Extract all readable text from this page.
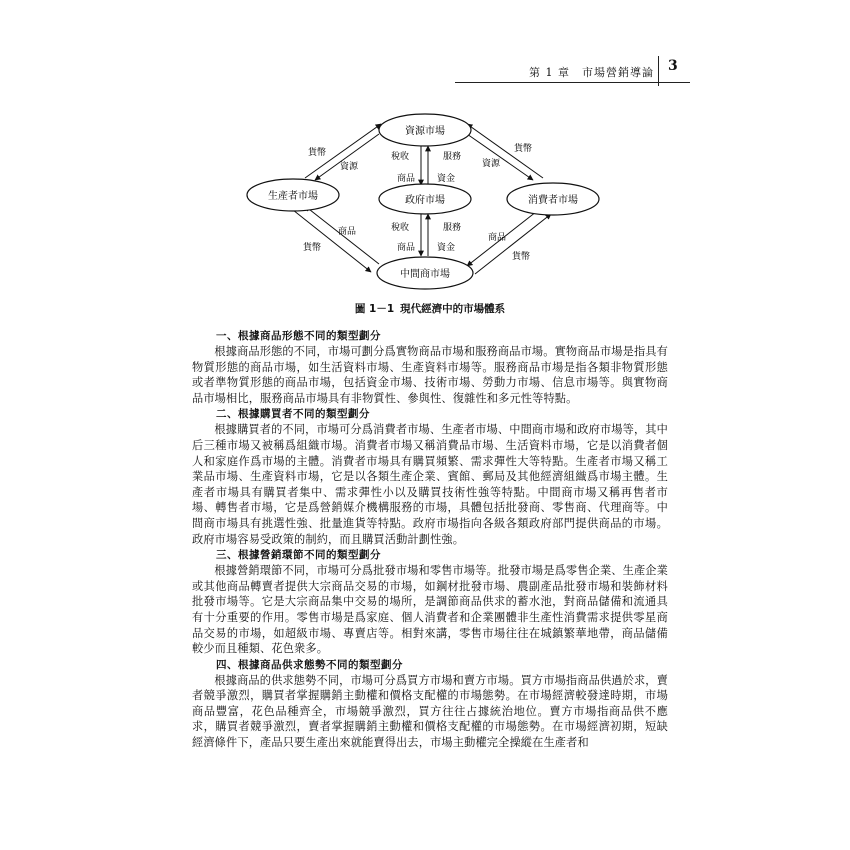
第 1 章　市場營銷導論 3
資源市場
生產者市場	政府市場	消費者市場
中間商市場
貨幣
資源
貨幣
資源
稅收	服務
商品 資金
稅收	服務
商品 資金
貨幣
商品
商品
貨幣
圖 1－1 現代經濟中的市場體系
一、根據商品形態不同的類型劃分

根據商品形態的不同，市場可劃分爲實物商品市場和服務商品市場。實物商品市場是指具有物質形態的商品市場，如生活資料市場、生產資料市場等。服務商品市場是指各類非物質形態或者準物質形態的商品市場，包括資金市場、技術市場、勞動力市場、信息市場等。與實物商品市場相比，服務商品市場具有非物質性、參與性、復雜性和多元性等特點。

二、根據購買者不同的類型劃分

根據購買者的不同，市場可分爲消費者市場、生產者市場、中間商市場和政府市場等，其中后三種市場又被稱爲組織市場。消費者市場又稱消費品市場、生活資料市場，它是以消費者個人和家庭作爲市場的主體。消費者市場具有購買頻繁、需求彈性大等特點。生產者市場又稱工業品市場、生產資料市場，它是以各類生產企業、賓館、郵局及其他經濟組織爲市場主體。生產者市場具有購買者集中、需求彈性小以及購買技術性強等特點。中間商市場又稱再售者市場、轉售者市場，它是爲營銷媒介機構服務的市場，具體包括批發商、零售商、代理商等。中間商市場具有挑選性強、批量進貨等特點。政府市場指向各級各類政府部門提供商品的市場。政府市場容易受政策的制約，而且購買活動計劃性強。

三、根據營銷環節不同的類型劃分

根據營銷環節不同，市場可分爲批發市場和零售市場等。批發市場是爲零售企業、生產企業或其他商品轉賣者提供大宗商品交易的市場，如鋼材批發市場、農副產品批發市場和裝飾材料批發市場等。它是大宗商品集中交易的場所，是調節商品供求的蓄水池，對商品儲備和流通具有十分重要的作用。零售市場是爲家庭、個人消費者和企業團體非生產性消費需求提供零星商品交易的市場，如超級市場、專賣店等。相對來講，零售市場往往在城鎮繁華地帶，商品儲備較少而且種類、花色衆多。

四、根據商品供求態勢不同的類型劃分

根據商品的供求態勢不同，市場可分爲買方市場和賣方市場。買方市場指商品供過於求，賣者競爭激烈，購買者掌握購銷主動權和價格支配權的市場態勢。在市場經濟較發達時期，市場商品豐富，花色品種齊全，市場競爭激烈，買方往往占據統治地位。賣方市場指商品供不應求，購買者競爭激烈，賣者掌握購銷主動權和價格支配權的市場態勢。在市場經濟初期，短缺經濟條件下，產品只要生產出來就能賣得出去，市場主動權完全操縱在生產者和
